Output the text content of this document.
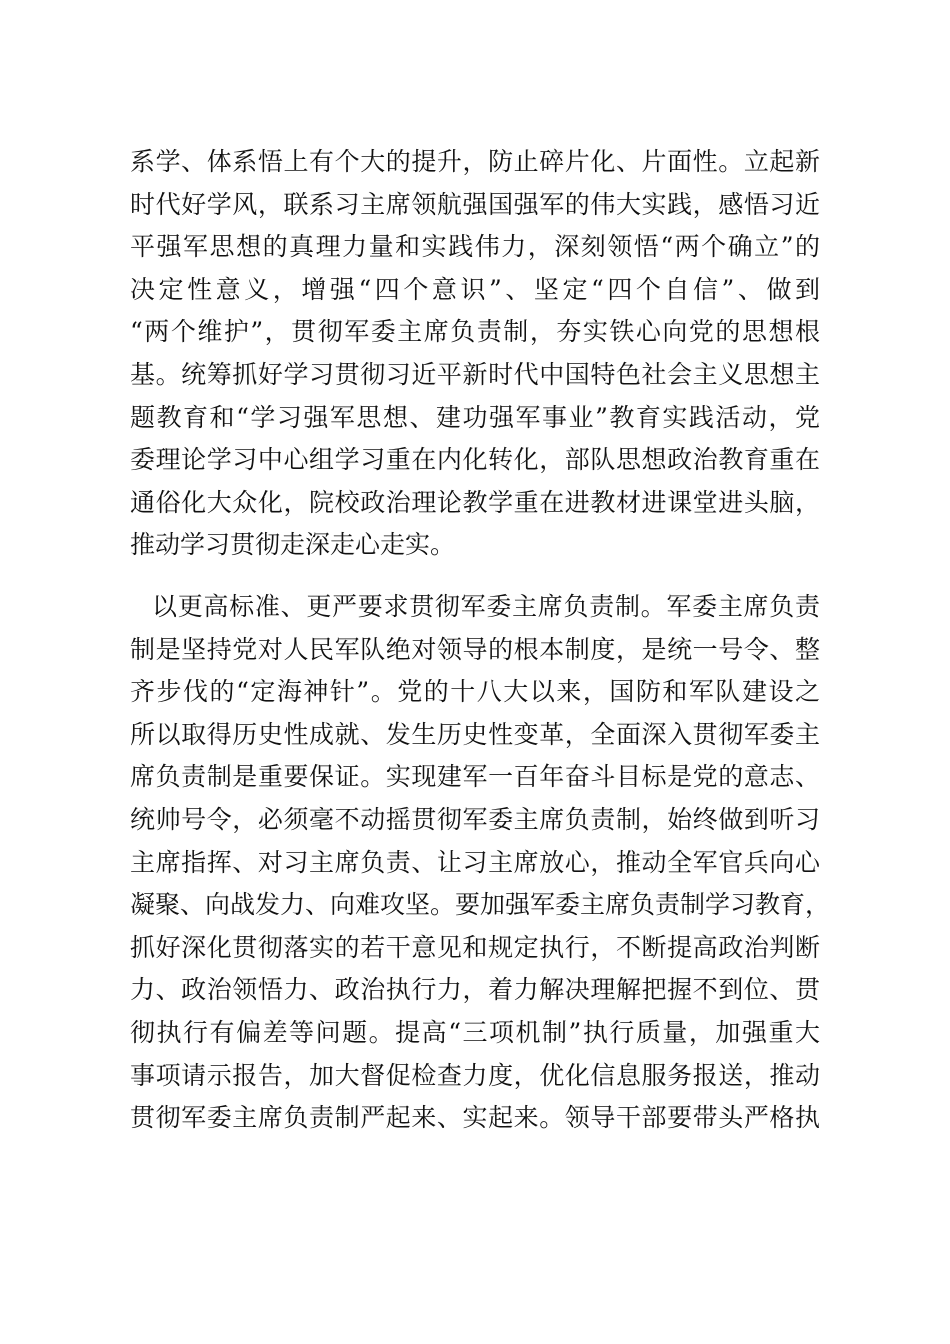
系学、体系悟上有个大的提升，防止碎片化、片面性。立起新
时代好学风，联系习主席领航强国强军的伟大实践，感悟习近
平强军思想的真理力量和实践伟力，深刻领悟“两个确立”的
决定性意义，增强“四个意识”、坚定“四个自信”、做到
“两个维护”，贯彻军委主席负责制，夯实铁心向党的思想根
基。统筹抓好学习贯彻习近平新时代中国特色社会主义思想主
题教育和“学习强军思想、建功强军事业”教育实践活动，党
委理论学习中心组学习重在内化转化，部队思想政治教育重在
通俗化大众化，院校政治理论教学重在进教材进课堂进头脑，
推动学习贯彻走深走心走实。
以更高标准、更严要求贯彻军委主席负责制。军委主席负责
制是坚持党对人民军队绝对领导的根本制度，是统一号令、整
齐步伐的“定海神针”。党的十八大以来，国防和军队建设之
所以取得历史性成就、发生历史性变革，全面深入贯彻军委主
席负责制是重要保证。实现建军一百年奋斗目标是党的意志、
统帅号令，必须毫不动摇贯彻军委主席负责制，始终做到听习
主席指挥、对习主席负责、让习主席放心，推动全军官兵向心
凝聚、向战发力、向难攻坚。要加强军委主席负责制学习教育，
抓好深化贯彻落实的若干意见和规定执行，不断提高政治判断
力、政治领悟力、政治执行力，着力解决理解把握不到位、贯
彻执行有偏差等问题。提高“三项机制”执行质量，加强重大
事项请示报告，加大督促检查力度，优化信息服务报送，推动
贯彻军委主席负责制严起来、实起来。领导干部要带头严格执
